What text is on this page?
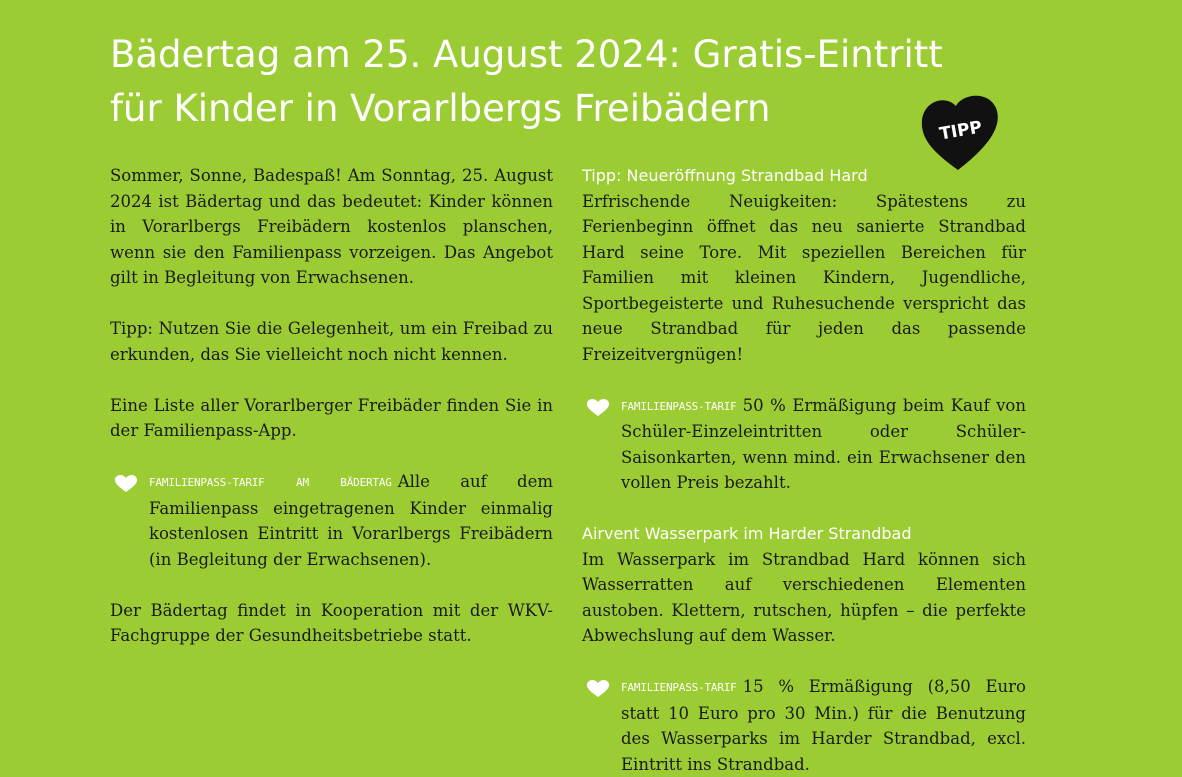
Bädertag am 25. August 2024: Gratis-Eintritt
für Kinder in Vorarlbergs Freibädern
TIPP

Sommer, Sonne, Badespaß! Am Sonntag, 25. August 2024 ist Bädertag und das bedeutet: Kinder können in Vorarlbergs Freibädern kostenlos planschen, wenn sie den Familienpass vorzeigen. Das Angebot gilt in Begleitung von Erwachsenen.

Tipp: Nutzen Sie die Gelegenheit, um ein Freibad zu erkunden, das Sie vielleicht noch nicht kennen.

Eine Liste aller Vorarlberger Freibäder finden Sie in der Familienpass-App.

FAMILIENPASS-TARIF AM BÄDERTAG Alle auf dem Familienpass eingetragenen Kinder einmalig kostenlosen Eintritt in Vorarlbergs Freibädern (in Begleitung der Erwachsenen).

Der Bädertag findet in Kooperation mit der WKV-Fachgruppe der Gesundheitsbetriebe statt.

Tipp: Neueröffnung Strandbad Hard

Erfrischende Neuigkeiten: Spätestens zu Ferienbeginn öffnet das neu sanierte Strandbad Hard seine Tore. Mit speziellen Bereichen für Familien mit kleinen Kindern, Jugendliche, Sportbegeisterte und Ruhesuchende verspricht das neue Strandbad für jeden das passende Freizeitvergnügen!

FAMILIENPASS-TARIF 50 % Ermäßigung beim Kauf von Schüler-Einzeleintritten oder Schüler-Saisonkarten, wenn mind. ein Erwachsener den vollen Preis bezahlt.

Airvent Wasserpark im Harder Strandbad

Im Wasserpark im Strandbad Hard können sich Wasserratten auf verschiedenen Elementen austoben. Klettern, rutschen, hüpfen – die perfekte Abwechslung auf dem Wasser.

FAMILIENPASS-TARIF 15 % Ermäßigung (8,50 Euro statt 10 Euro pro 30 Min.) für die Benutzung des Wasserparks im Harder Strandbad, excl. Eintritt ins Strandbad.
